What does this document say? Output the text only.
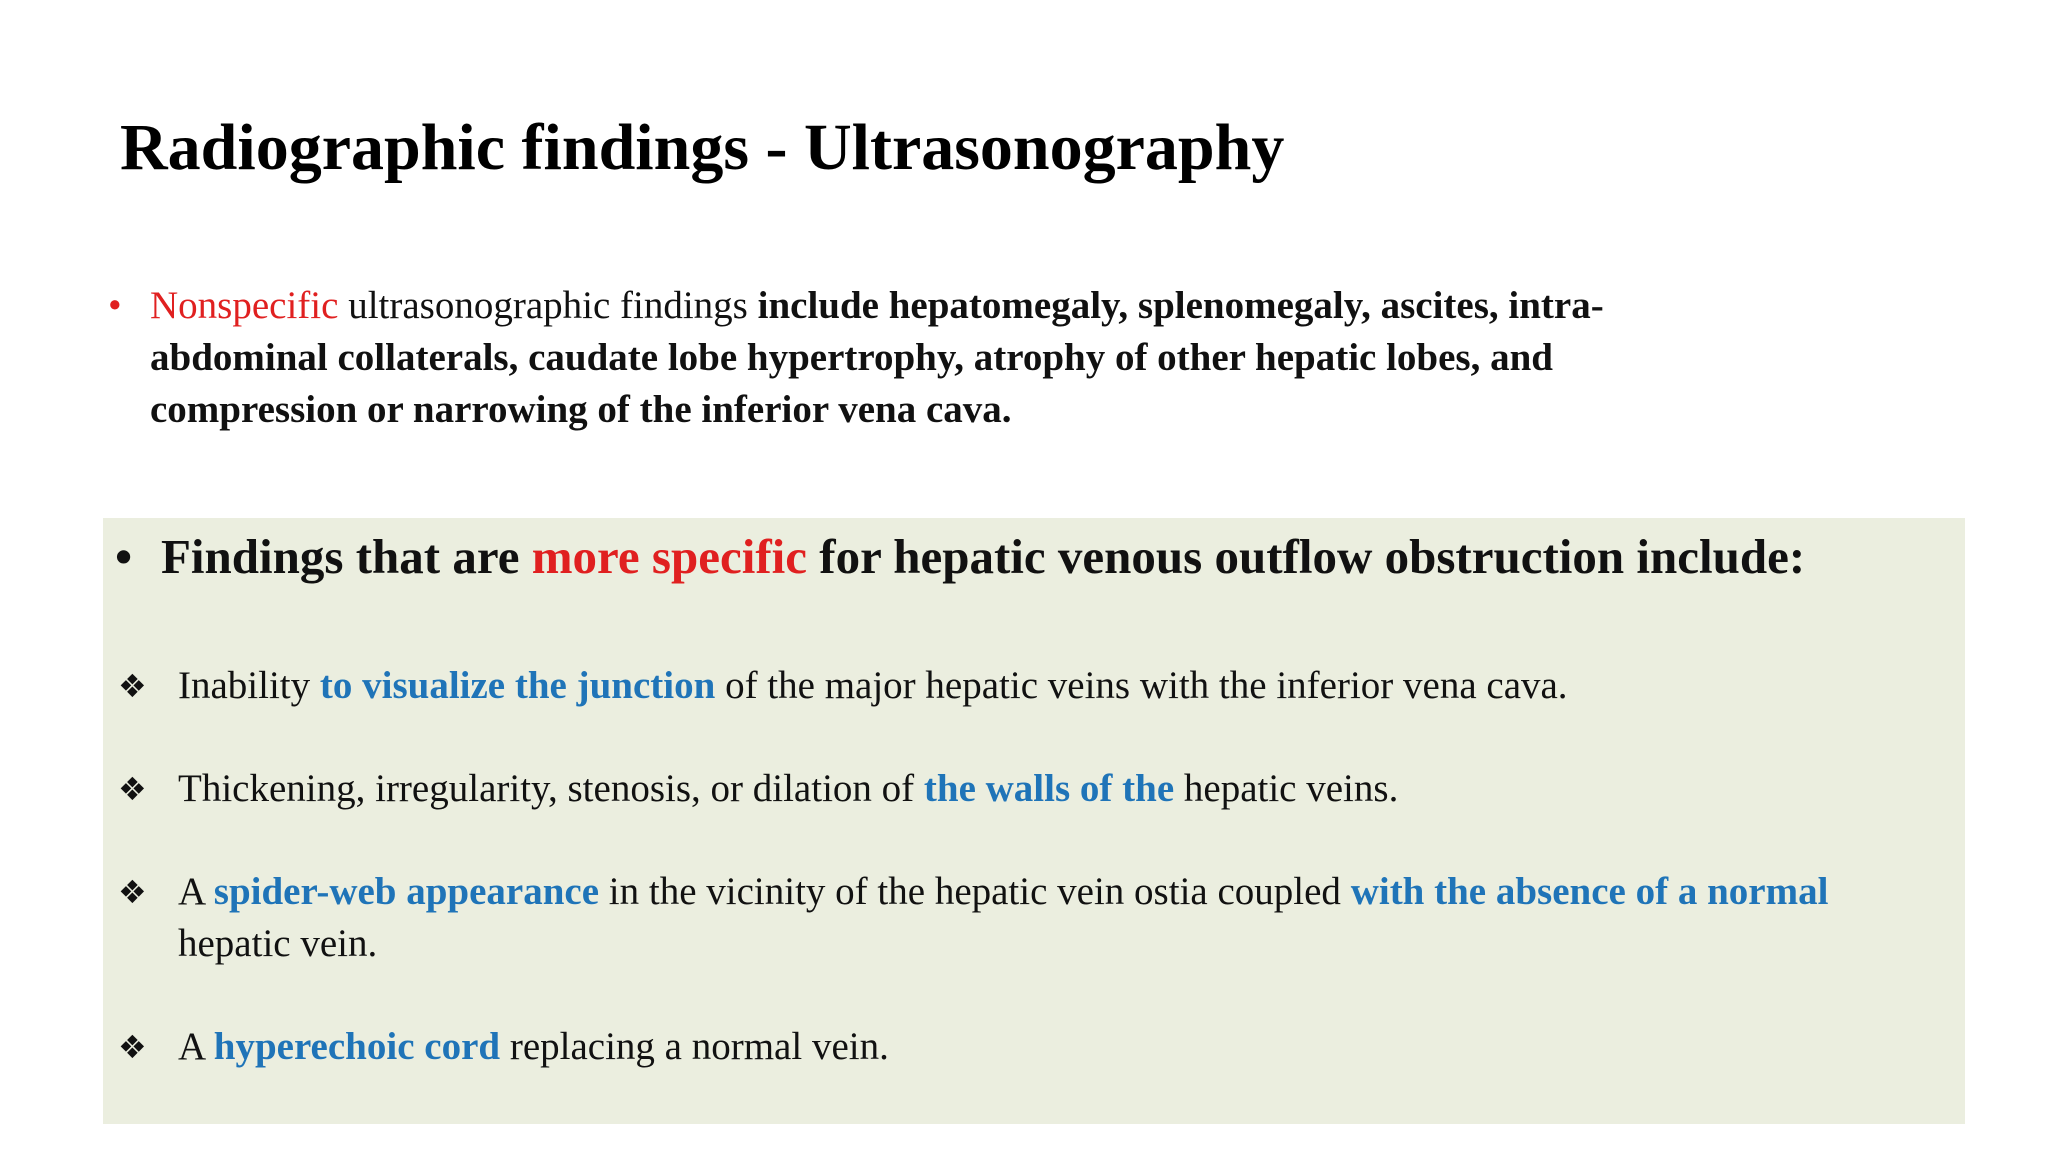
Radiographic findings - Ultrasonography
• Nonspecific ultrasonographic findings include hepatomegaly, splenomegaly, ascites, intra-abdominal collaterals, caudate lobe hypertrophy, atrophy of other hepatic lobes, and compression or narrowing of the inferior vena cava.
• Findings that are more specific for hepatic venous outflow obstruction include:
❖ Inability to visualize the junction of the major hepatic veins with the inferior vena cava.
❖ Thickening, irregularity, stenosis, or dilation of the walls of the hepatic veins.
❖ A spider-web appearance in the vicinity of the hepatic vein ostia coupled with the absence of a normal hepatic vein.
❖ A hyperechoic cord replacing a normal vein.
